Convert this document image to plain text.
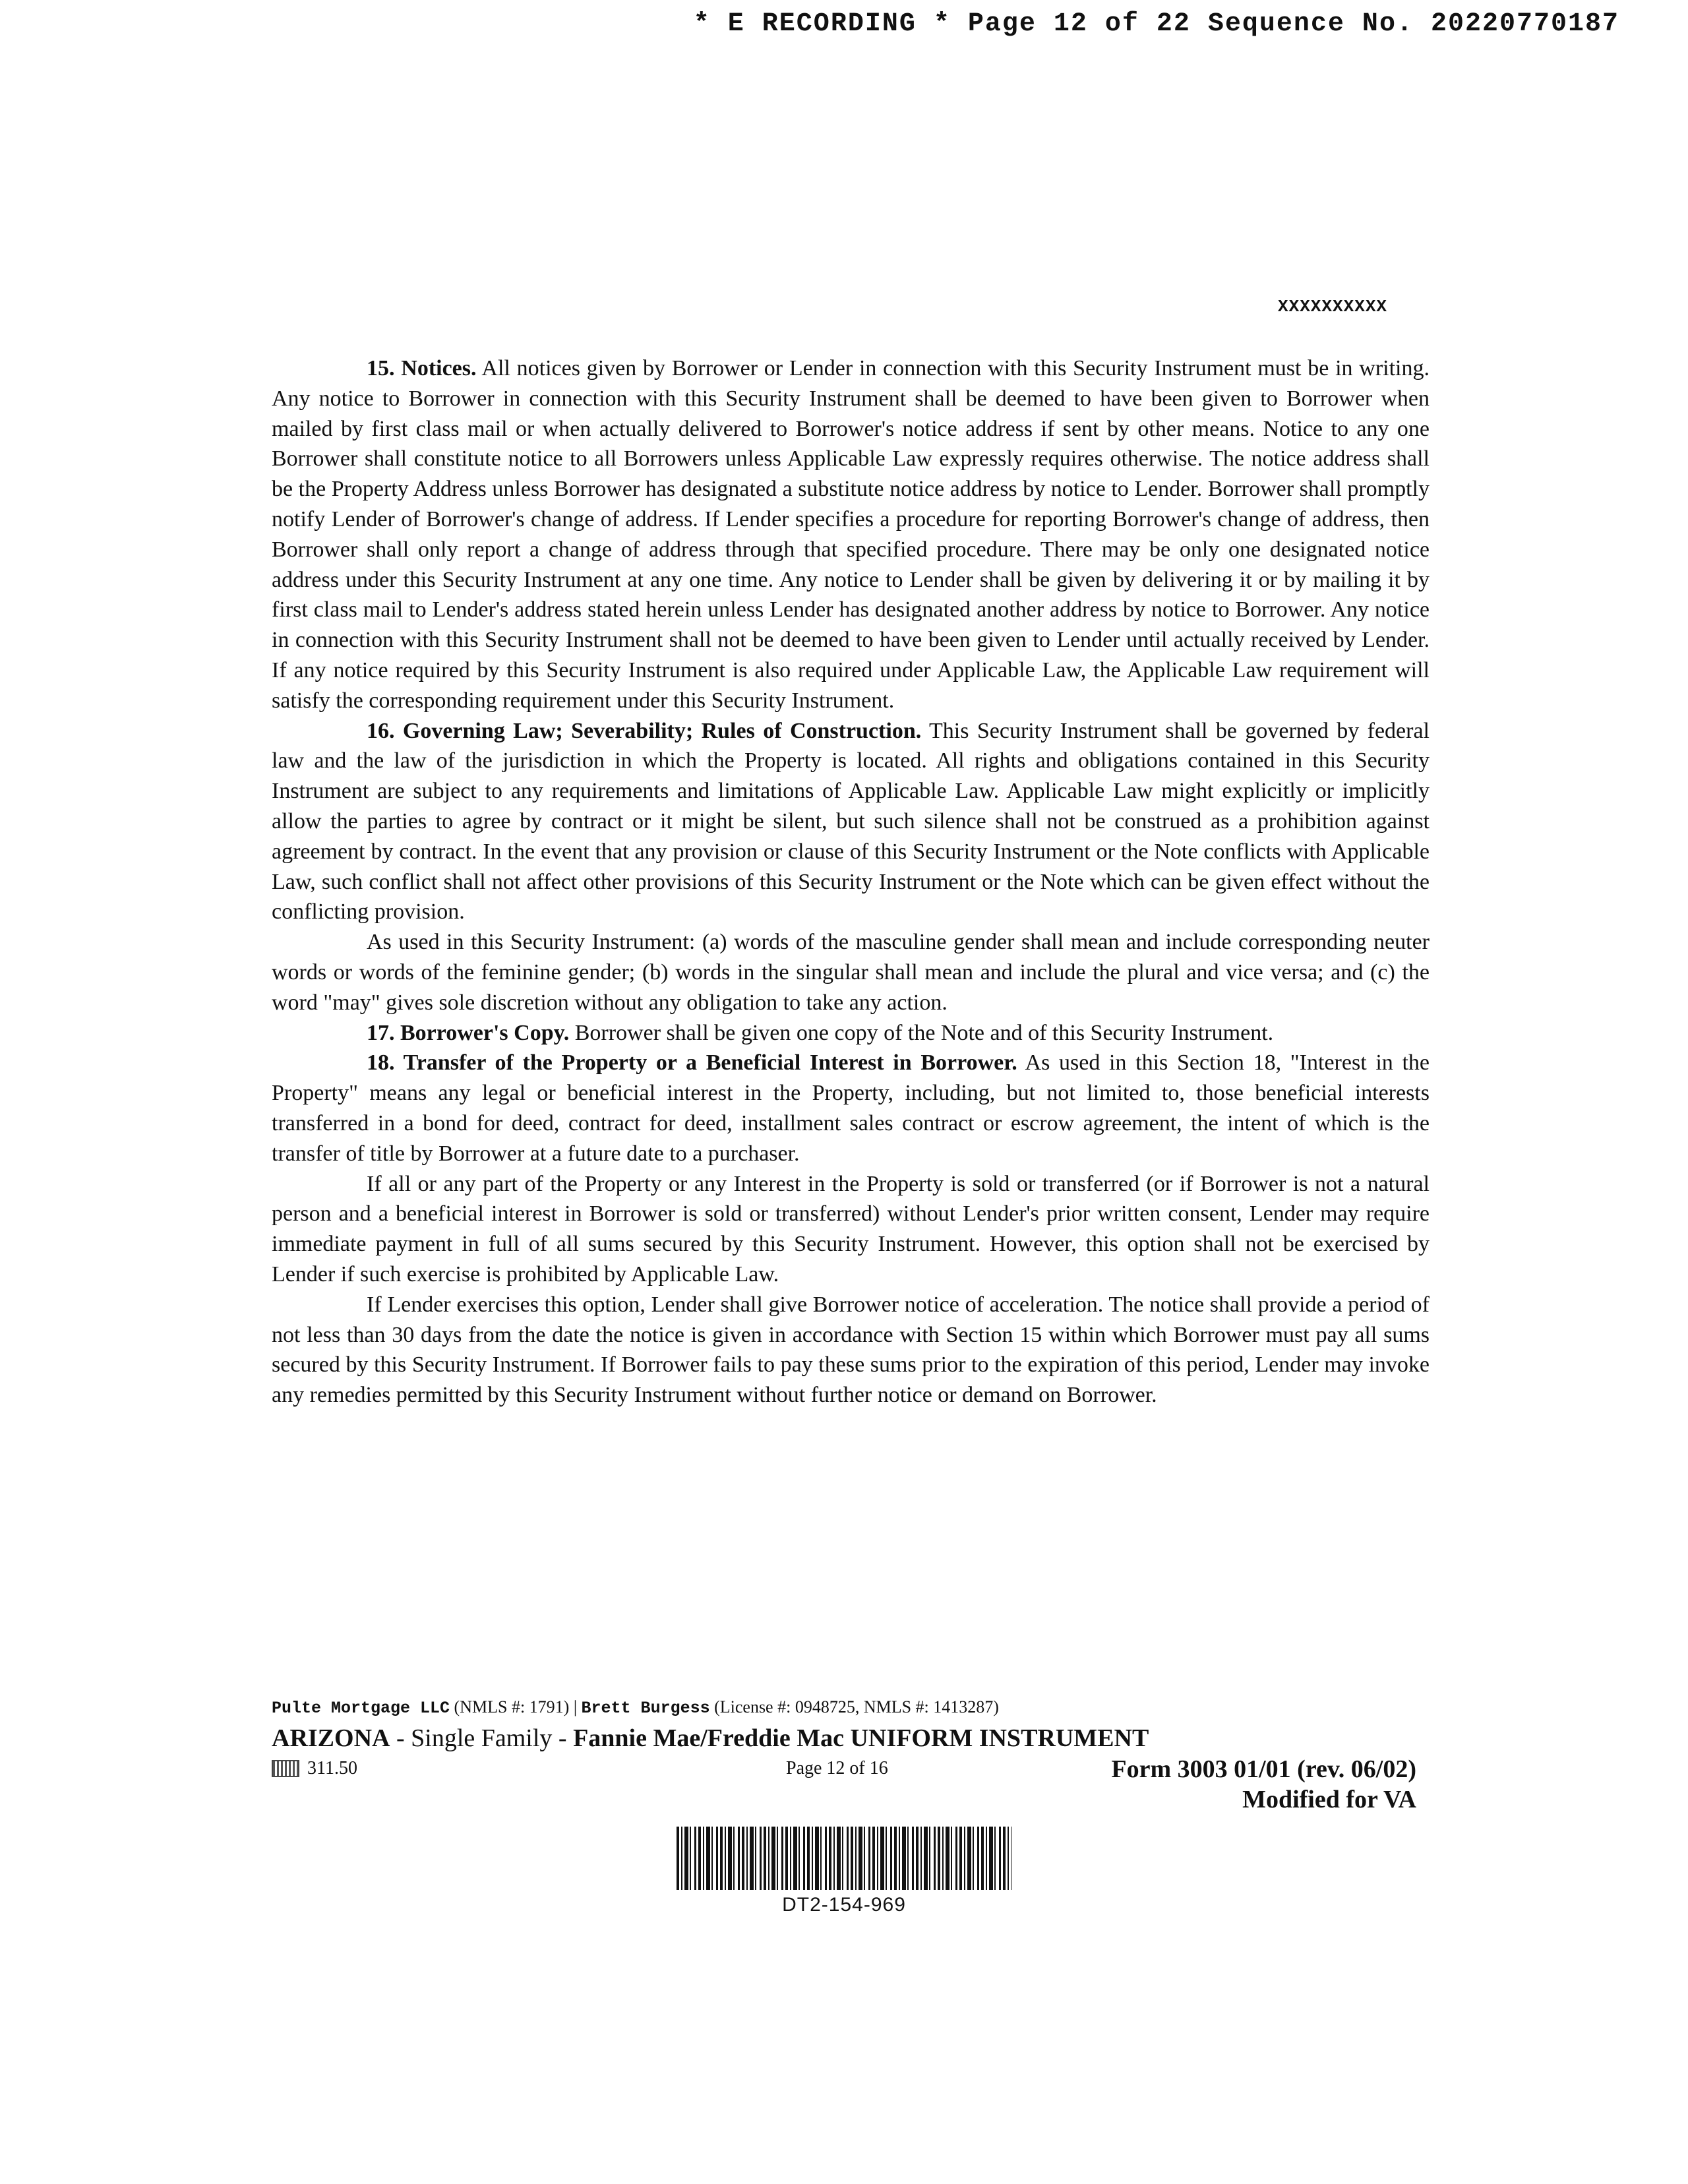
* E RECORDING * Page 12 of 22 Sequence No. 20220770187
XXXXXXXXXX

15. Notices. All notices given by Borrower or Lender in connection with this Security Instrument must be in writing. Any notice to Borrower in connection with this Security Instrument shall be deemed to have been given to Borrower when mailed by first class mail or when actually delivered to Borrower's notice address if sent by other means. Notice to any one Borrower shall constitute notice to all Borrowers unless Applicable Law expressly requires otherwise. The notice address shall be the Property Address unless Borrower has designated a substitute notice address by notice to Lender. Borrower shall promptly notify Lender of Borrower's change of address. If Lender specifies a procedure for reporting Borrower's change of address, then Borrower shall only report a change of address through that specified procedure. There may be only one designated notice address under this Security Instrument at any one time. Any notice to Lender shall be given by delivering it or by mailing it by first class mail to Lender's address stated herein unless Lender has designated another address by notice to Borrower. Any notice in connection with this Security Instrument shall not be deemed to have been given to Lender until actually received by Lender. If any notice required by this Security Instrument is also required under Applicable Law, the Applicable Law requirement will satisfy the corresponding requirement under this Security Instrument.

16. Governing Law; Severability; Rules of Construction. This Security Instrument shall be governed by federal law and the law of the jurisdiction in which the Property is located. All rights and obligations contained in this Security Instrument are subject to any requirements and limitations of Applicable Law. Applicable Law might explicitly or implicitly allow the parties to agree by contract or it might be silent, but such silence shall not be construed as a prohibition against agreement by contract. In the event that any provision or clause of this Security Instrument or the Note conflicts with Applicable Law, such conflict shall not affect other provisions of this Security Instrument or the Note which can be given effect without the conflicting provision.

As used in this Security Instrument: (a) words of the masculine gender shall mean and include corresponding neuter words or words of the feminine gender; (b) words in the singular shall mean and include the plural and vice versa; and (c) the word "may" gives sole discretion without any obligation to take any action.

17. Borrower's Copy. Borrower shall be given one copy of the Note and of this Security Instrument.

18. Transfer of the Property or a Beneficial Interest in Borrower. As used in this Section 18, "Interest in the Property" means any legal or beneficial interest in the Property, including, but not limited to, those beneficial interests transferred in a bond for deed, contract for deed, installment sales contract or escrow agreement, the intent of which is the transfer of title by Borrower at a future date to a purchaser.

If all or any part of the Property or any Interest in the Property is sold or transferred (or if Borrower is not a natural person and a beneficial interest in Borrower is sold or transferred) without Lender's prior written consent, Lender may require immediate payment in full of all sums secured by this Security Instrument. However, this option shall not be exercised by Lender if such exercise is prohibited by Applicable Law.

If Lender exercises this option, Lender shall give Borrower notice of acceleration. The notice shall provide a period of not less than 30 days from the date the notice is given in accordance with Section 15 within which Borrower must pay all sums secured by this Security Instrument. If Borrower fails to pay these sums prior to the expiration of this period, Lender may invoke any remedies permitted by this Security Instrument without further notice or demand on Borrower.

Pulte Mortgage LLC (NMLS #: 1791) | Brett Burgess (License #: 0948725, NMLS #: 1413287)
ARIZONA - Single Family - Fannie Mae/Freddie Mac UNIFORM INSTRUMENT
311.50	Page 12 of 16	Form 3003 01/01 (rev. 06/02)
Modified for VA
DT2-154-969
